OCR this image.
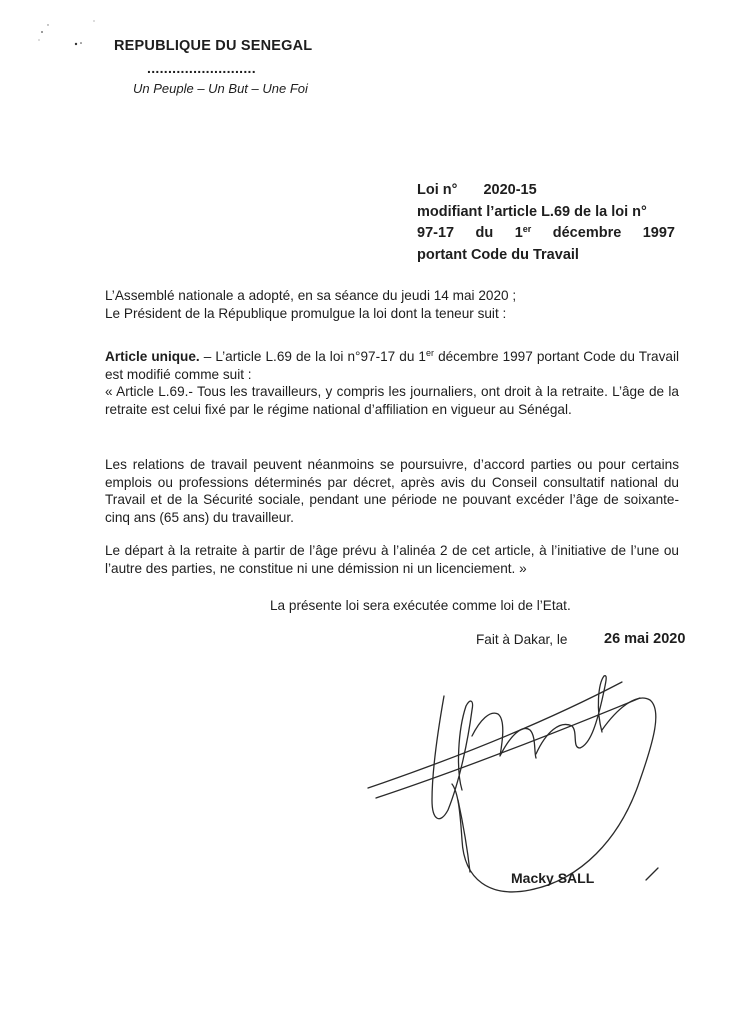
REPUBLIQUE DU SENEGAL
..........................
Un Peuple – Un But – Une Foi
Loi n° 2020-15
modifiant l’article L.69 de la loi n°
97-17 du 1er décembre 1997
portant Code du Travail

L’Assemblé nationale a adopté, en sa séance du jeudi 14 mai 2020 ;

Le Président de la République promulgue la loi dont la teneur suit :

Article unique. – L’article L.69 de la loi n°97-17 du 1er décembre 1997 portant Code du Travail est modifié comme suit :

« Article L.69.- Tous les travailleurs, y compris les journaliers, ont droit à la retraite. L’âge de la retraite est celui fixé par le régime national d’affiliation en vigueur au Sénégal.

Les relations de travail peuvent néanmoins se poursuivre, d’accord parties ou pour certains emplois ou professions déterminés par décret, après avis du Conseil consultatif national du Travail et de la Sécurité sociale, pendant une période ne pouvant excéder l’âge de soixante-cinq ans (65 ans) du travailleur.
Le départ à la retraite à partir de l’âge prévu à l’alinéa 2 de cet article, à l’initiative de l’une ou l’autre des parties, ne constitue ni une démission ni un licenciement. »
La présente loi sera exécutée comme loi de l’Etat.
Fait à Dakar, le	26 mai 2020
Macky SALL
